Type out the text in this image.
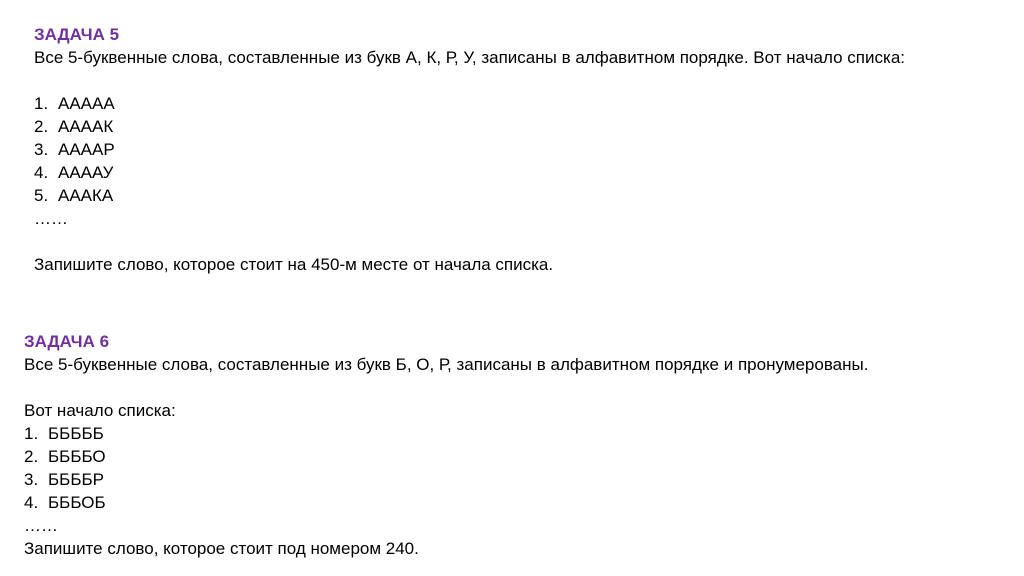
ЗАДАЧА 5

Все 5-буквенные слова, составленные из букв А, К, Р, У, записаны в алфавитном порядке. Вот начало списка:

1. ААААА
2. ААААК
3. ААААР
4. ААААУ
5. АААКА

……

Запишите слово, которое стоит на 450-м месте от начала списка.

ЗАДАЧА 6

Все 5-буквенные слова, составленные из букв Б, О, Р, записаны в алфавитном порядке и пронумерованы.

Вот начало списка:

1. БББББ
2. ББББО
3. ББББР
4. БББОБ

……

Запишите слово, которое стоит под номером 240.
